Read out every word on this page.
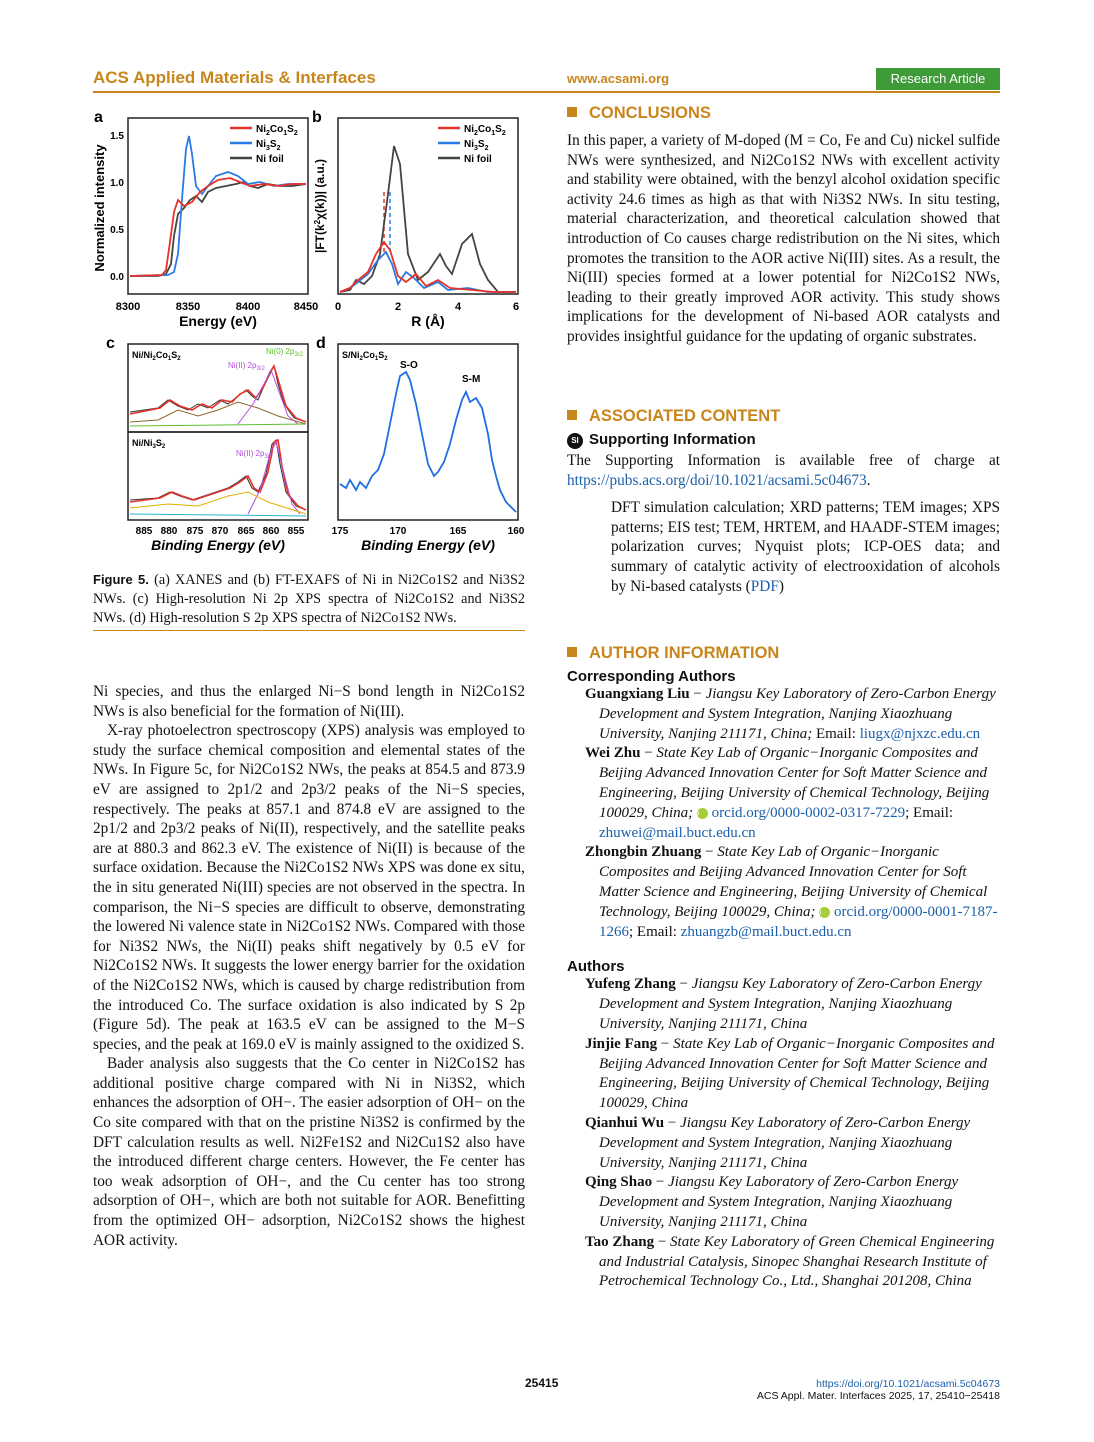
ACS Applied Materials & Interfaces	www.acsami.org	Research Article
a
Normalized intensity
0.0
0.5
1.0
1.5
8300	8350	8400	8450
Energy (eV)
$Ni_2Co_1S_2$
$Ni_3S_2$
Ni foil
b
$|FT(k^2\chi(k))|$ (a.u.)
0	2	4	6
R (Å)
$Ni_2Co_1S_2$
$Ni_3S_2$
Ni foil
c
$Ni/Ni_2Co_1S_2$
$Ni/Ni_3S_2$
Ni(0) $2p_{3/2}$
Ni(II) $2p_{3/2}$
Ni(II) $2p_{3/2}$
885 880 875 870 865 860 855
Binding Energy (eV)
d
$S/Ni_2Co_1S_2$
S-O
S-M
175	170	165	160
Binding Energy (eV)
Figure 5. (a) XANES and (b) FT-EXAFS of Ni in Ni2Co1S2 and Ni3S2 NWs. (c) High-resolution Ni 2p XPS spectra of Ni2Co1S2 and Ni3S2 NWs. (d) High-resolution S 2p XPS spectra of Ni2Co1S2 NWs.

Ni species, and thus the enlarged Ni−S bond length in Ni2Co1S2 NWs is also beneficial for the formation of Ni(III).

X-ray photoelectron spectroscopy (XPS) analysis was employed to study the surface chemical composition and elemental states of the NWs. In Figure 5c, for Ni2Co1S2 NWs, the peaks at 854.5 and 873.9 eV are assigned to 2p1/2 and 2p3/2 peaks of the Ni−S species, respectively. The peaks at 857.1 and 874.8 eV are assigned to the 2p1/2 and 2p3/2 peaks of Ni(II), respectively, and the satellite peaks are at 880.3 and 862.3 eV. The existence of Ni(II) is because of the surface oxidation. Because the Ni2Co1S2 NWs XPS was done ex situ, the in situ generated Ni(III) species are not observed in the spectra. In comparison, the Ni−S species are difficult to observe, demonstrating the lowered Ni valence state in Ni2Co1S2 NWs. Compared with those for Ni3S2 NWs, the Ni(II) peaks shift negatively by 0.5 eV for Ni2Co1S2 NWs. It suggests the lower energy barrier for the oxidation of the Ni2Co1S2 NWs, which is caused by charge redistribution from the introduced Co. The surface oxidation is also indicated by S 2p (Figure 5d). The peak at 163.5 eV can be assigned to the M−S species, and the peak at 169.0 eV is mainly assigned to the oxidized S.

Bader analysis also suggests that the Co center in Ni2Co1S2 has additional positive charge compared with Ni in Ni3S2, which enhances the adsorption of OH−. The easier adsorption of OH− on the Co site compared with that on the pristine Ni3S2 is confirmed by the DFT calculation results as well. Ni2Fe1S2 and Ni2Cu1S2 also have the introduced different charge centers. However, the Fe center has too weak adsorption of OH−, and the Cu center has too strong adsorption of OH−, which are both not suitable for AOR. Benefitting from the optimized OH− adsorption, Ni2Co1S2 shows the highest AOR activity.

CONCLUSIONS

In this paper, a variety of M-doped (M = Co, Fe and Cu) nickel sulfide NWs were synthesized, and Ni2Co1S2 NWs with excellent activity and stability were obtained, with the benzyl alcohol oxidation specific activity 24.6 times as high as that with Ni3S2 NWs. In situ testing, material characterization, and theoretical calculation showed that introduction of Co causes charge redistribution on the Ni sites, which promotes the transition to the AOR active Ni(III) sites. As a result, the Ni(III) species formed at a lower potential for Ni2Co1S2 NWs, leading to their greatly improved AOR activity. This study shows implications for the development of Ni-based AOR catalysts and provides insightful guidance for the updating of organic substrates.

ASSOCIATED CONTENT
SI Supporting Information

The Supporting Information is available free of charge at https://pubs.acs.org/doi/10.1021/acsami.5c04673.

DFT simulation calculation; XRD patterns; TEM images; XPS patterns; EIS test; TEM, HRTEM, and HAADF-STEM images; polarization curves; Nyquist plots; ICP-OES data; and summary of catalytic activity of electrooxidation of alcohols by Ni-based catalysts (PDF)

AUTHOR INFORMATION
Corresponding Authors

Guangxiang Liu − Jiangsu Key Laboratory of Zero-Carbon Energy Development and System Integration, Nanjing Xiaozhuang University, Nanjing 211171, China; Email: liugx@njxzc.edu.cn

Wei Zhu − State Key Lab of Organic−Inorganic Composites and Beijing Advanced Innovation Center for Soft Matter Science and Engineering, Beijing University of Chemical Technology, Beijing 100029, China; iD orcid.org/0000-0002-0317-7229; Email: zhuwei@mail.buct.edu.cn

Zhongbin Zhuang − State Key Lab of Organic−Inorganic Composites and Beijing Advanced Innovation Center for Soft Matter Science and Engineering, Beijing University of Chemical Technology, Beijing 100029, China; iD orcid.org/0000-0001-7187-1266; Email: zhuangzb@mail.buct.edu.cn

Authors

Yufeng Zhang − Jiangsu Key Laboratory of Zero-Carbon Energy Development and System Integration, Nanjing Xiaozhuang University, Nanjing 211171, China

Jinjie Fang − State Key Lab of Organic−Inorganic Composites and Beijing Advanced Innovation Center for Soft Matter Science and Engineering, Beijing University of Chemical Technology, Beijing 100029, China

Qianhui Wu − Jiangsu Key Laboratory of Zero-Carbon Energy Development and System Integration, Nanjing Xiaozhuang University, Nanjing 211171, China

Qing Shao − Jiangsu Key Laboratory of Zero-Carbon Energy Development and System Integration, Nanjing Xiaozhuang University, Nanjing 211171, China

Tao Zhang − State Key Laboratory of Green Chemical Engineering and Industrial Catalysis, Sinopec Shanghai Research Institute of Petrochemical Technology Co., Ltd., Shanghai 201208, China

25415	https://doi.org/10.1021/acsami.5c04673
ACS Appl. Mater. Interfaces 2025, 17, 25410−25418
